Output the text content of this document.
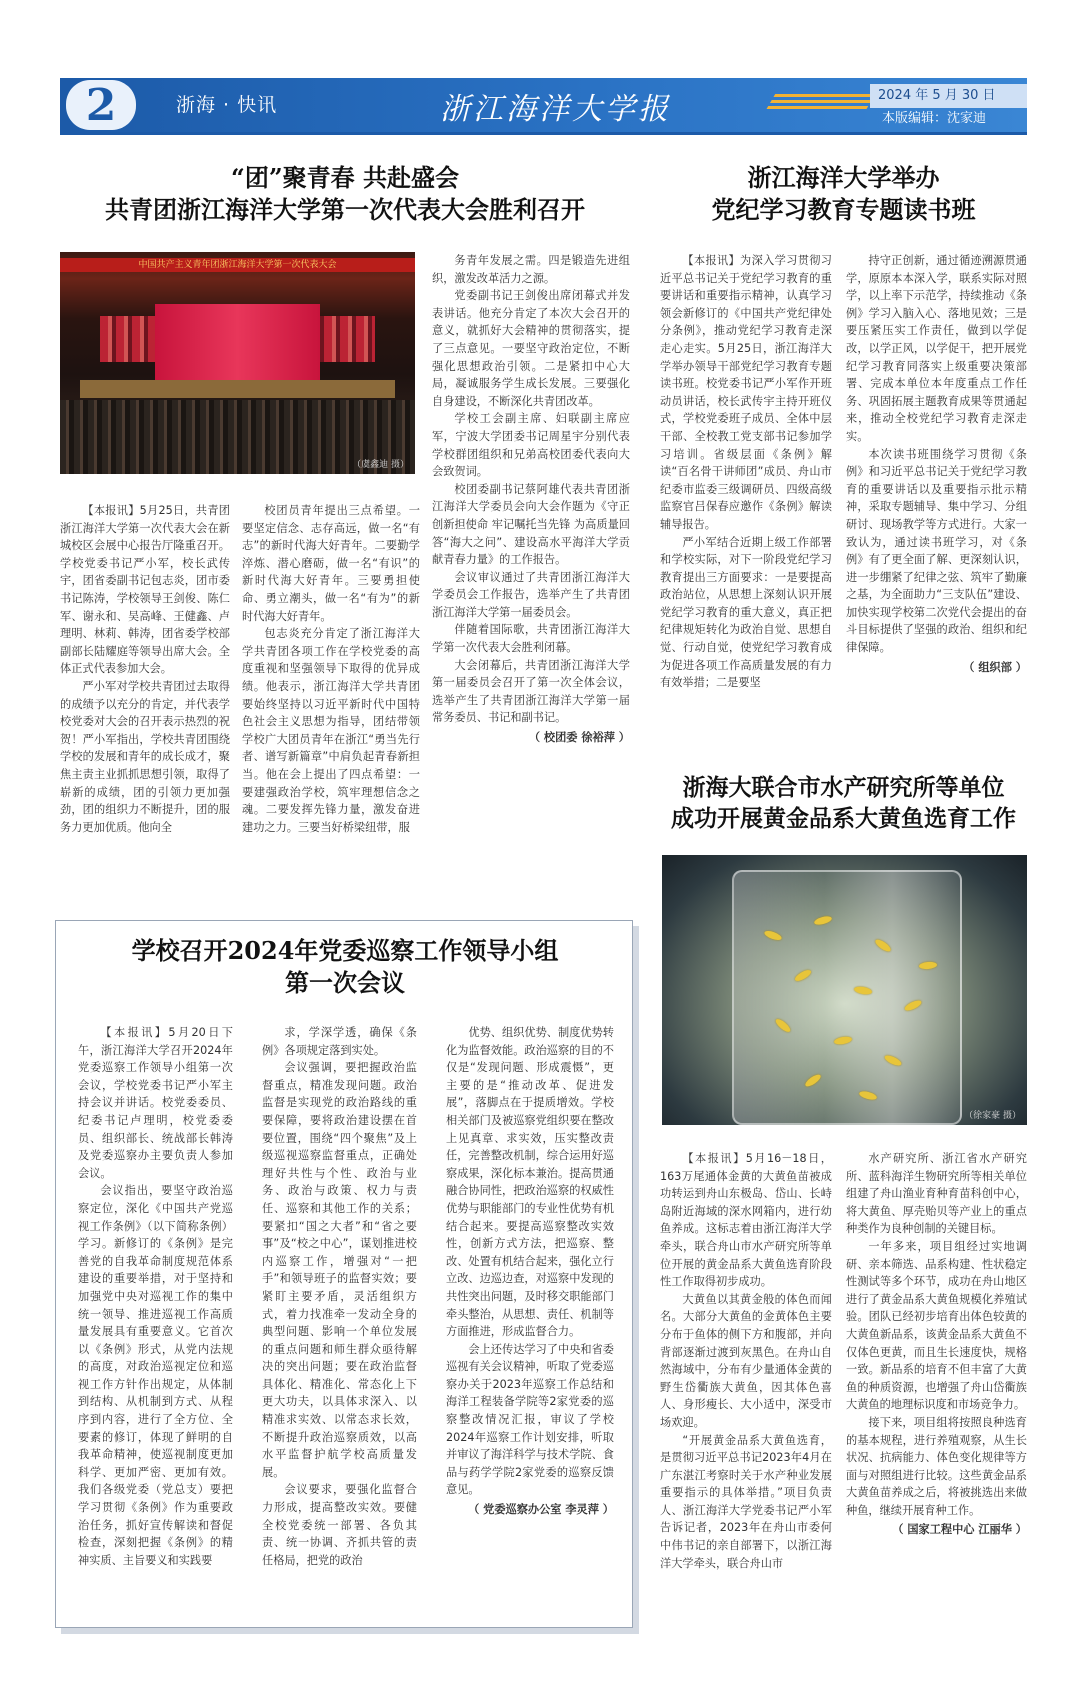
2	浙海 · 快讯	浙江海洋大学报	2024 年 5 月 30 日
本版编辑：沈家迪
“团”聚青春 共赴盛会
共青团浙江海洋大学第一次代表大会胜利召开
中国共产主义青年团浙江海洋大学第一次代表大会
（虞鑫迪 摄）

【本报讯】5月25日，共青团浙江海洋大学第一次代表大会在新城校区会展中心报告厅隆重召开。学校党委书记严小军，校长武传宇，团省委副书记包志炎，团市委书记陈涛，学校领导王剑俊、陈仁军、谢永和、吴高峰、王健鑫、卢理明、林莉、韩涛，团省委学校部副部长陆耀庭等领导出席大会。全体正式代表参加大会。

严小军对学校共青团过去取得的成绩予以充分的肯定，并代表学校党委对大会的召开表示热烈的祝贺！严小军指出，学校共青团围绕学校的发展和青年的成长成才，聚焦主责主业抓抓思想引领，取得了崭新的成绩，团的引领力更加强劲，团的组织力不断提升，团的服务力更加优质。他向全

校团员青年提出三点希望。一要坚定信念、志存高远，做一名“有志”的新时代海大好青年。二要勤学淬炼、潜心磨砺，做一名“有识”的新时代海大好青年。三要勇担使命、勇立潮头，做一名“有为”的新时代海大好青年。

包志炎充分肯定了浙江海洋大学共青团各项工作在学校党委的高度重视和坚强领导下取得的优异成绩。他表示，浙江海洋大学共青团要始终坚持以习近平新时代中国特色社会主义思想为指导，团结带领学校广大团员青年在浙江“勇当先行者、谱写新篇章”中肩负起青春新担当。他在会上提出了四点希望：一要建强政治学校，筑牢理想信念之魂。二要发挥先锋力量，激发奋进建功之力。三要当好桥梁纽带，服

务青年发展之需。四是锻造先进组织，激发改革活力之源。

党委副书记王剑俊出席闭幕式并发表讲话。他充分肯定了本次大会召开的意义，就抓好大会精神的贯彻落实，提了三点意见。一要坚守政治定位，不断强化思想政治引领。二是紧扣中心大局，凝诚服务学生成长发展。三要强化自身建设，不断深化共青团改革。

学校工会副主席、妇联副主席应军，宁波大学团委书记周星宇分别代表学校群团组织和兄弟高校团委代表向大会致贺词。

校团委副书记蔡阿雄代表共青团浙江海洋大学委员会向大会作题为《守正创新担使命 牢记嘱托当先锋 为高质量回答“海大之问”、建设高水平海洋大学贡献青春力量》的工作报告。

会议审议通过了共青团浙江海洋大学委员会工作报告，选举产生了共青团浙江海洋大学第一届委员会。

伴随着国际歌，共青团浙江海洋大学第一次代表大会胜利闭幕。

大会闭幕后，共青团浙江海洋大学第一届委员会召开了第一次全体会议，选举产生了共青团浙江海洋大学第一届常务委员、书记和副书记。

（ 校团委 徐裕萍 ）

浙江海洋大学举办
党纪学习教育专题读书班

【本报讯】为深入学习贯彻习近平总书记关于党纪学习教育的重要讲话和重要指示精神，认真学习领会新修订的《中国共产党纪律处分条例》，推动党纪学习教育走深走心走实。5月25日，浙江海洋大学举办领导干部党纪学习教育专题读书班。校党委书记严小军作开班动员讲话，校长武传宇主持开班仪式，学校党委班子成员、全体中层干部、全校教工党支部书记参加学习培训。省级层面《条例》解读“百名骨干讲师团”成员、舟山市纪委市监委三级调研员、四级高级监察官吕保春应邀作《条例》解读辅导报告。

严小军结合近期上级工作部署和学校实际，对下一阶段党纪学习教育提出三方面要求：一是要提高政治站位，从思想上深刻认识开展党纪学习教育的重大意义，真正把纪律规矩转化为政治自觉、思想自觉、行动自觉，使党纪学习教育成为促进各项工作高质量发展的有力有效举措；二是要坚

持守正创新，通过循迹溯源贯通学，原原本本深入学，联系实际对照学，以上率下示范学，持续推动《条例》学习入脑入心、落地见效；三是要压紧压实工作责任，做到以学促改，以学正风，以学促干，把开展党纪学习教育同落实上级重要决策部署、完成本单位本年度重点工作任务、巩固拓展主题教育成果等贯通起来，推动全校党纪学习教育走深走实。

本次读书班围绕学习贯彻《条例》和习近平总书记关于党纪学习教育的重要讲话以及重要指示批示精神，采取专题辅导、集中学习、分组研讨、现场教学等方式进行。大家一致认为，通过读书班学习，对《条例》有了更全面了解、更深刻认识，进一步绷紧了纪律之弦、筑牢了勤廉之基，为全面助力“三支队伍”建设、加快实现学校第二次党代会提出的奋斗目标提供了坚强的政治、组织和纪律保障。

（ 组织部 ）

学校召开2024年党委巡察工作领导小组
第一次会议

【本报讯】5月20日下午，浙江海洋大学召开2024年党委巡察工作领导小组第一次会议，学校党委书记严小军主持会议并讲话。校党委委员、纪委书记卢理明，校党委委员、组织部长、统战部长韩涛及党委巡察办主要负责人参加会议。

会议指出，要坚守政治巡察定位，深化《中国共产党巡视工作条例》（以下简称条例）学习。新修订的《条例》是完善党的自我革命制度规范体系建设的重要举措，对于坚持和加强党中央对巡视工作的集中统一领导、推进巡视工作高质量发展具有重要意义。它首次以《条例》形式，从党内法规的高度，对政治巡视定位和巡视工作方针作出规定，从体制到结构、从机制到方式、从程序到内容，进行了全方位、全要素的修订，体现了鲜明的自我革命精神，使巡视制度更加科学、更加严密、更加有效。我们各级党委（党总支）要把学习贯彻《条例》作为重要政治任务，抓好宣传解读和督促检查，深刻把握《条例》的精神实质、主旨要义和实践要

求，学深学透，确保《条例》各项规定落到实处。

会议强调，要把握政治监督重点，精准发现问题。政治监督是实现党的政治路线的重要保障，要将政治建设摆在首要位置，围绕“四个聚焦”及上级巡视巡察监督重点，正确处理好共性与个性、政治与业务、政治与政策、权力与责任、巡察和其他工作的关系；要紧扣“国之大者”和“省之要事”及“校之中心”，谋划推进校内巡察工作，增强对“一把手”和领导班子的监督实效；要紧盯主要矛盾，灵活组织方式，着力找准牵一发动全身的典型问题、影响一个单位发展的重点问题和师生群众亟待解决的突出问题；要在政治监督具体化、精准化、常态化上下更大功夫，以具体求深入、以精准求实效、以常态求长效，不断提升政治巡察质效，以高水平监督护航学校高质量发展。

会议要求，要强化监督合力形成，提高整改实效。要健全校党委统一部署、各负其责、统一协调、齐抓共管的责任格局，把党的政治

优势、组织优势、制度优势转化为监督效能。政治巡察的目的不仅是“发现问题、形成震慑”，更主要的是“推动改革、促进发展”，落脚点在于提质增效。学校相关部门及被巡察党组织要在整改上见真章、求实效，压实整改责任，完善整改机制，综合运用好巡察成果，深化标本兼治。提高贯通融合协同性，把政治巡察的权威性优势与职能部门的专业性优势有机结合起来。要提高巡察整改实效性，创新方式方法，把巡察、整改、处置有机结合起来，强化立行立改、边巡边查，对巡察中发现的共性突出问题，及时移交职能部门牵头整治，从思想、责任、机制等方面推进，形成监督合力。

会上还传达学习了中央和省委巡视有关会议精神，听取了党委巡察办关于2023年巡察工作总结和海洋工程装备学院等2家党委的巡察整改情况汇报，审议了学校2024年巡察工作计划安排，听取并审议了海洋科学与技术学院、食品与药学学院2家党委的巡察反馈意见。

（ 党委巡察办公室 李灵萍 ）

浙海大联合市水产研究所等单位
成功开展黄金品系大黄鱼选育工作
（徐家豪 摄）

【本报讯】5月16－18日，163万尾通体金黄的大黄鱼苗被成功转运到舟山东极岛、岱山、长峙岛附近海域的深水网箱内，进行幼鱼养成。这标志着由浙江海洋大学牵头，联合舟山市水产研究所等单位开展的黄金品系大黄鱼选育阶段性工作取得初步成功。

大黄鱼以其黄金般的体色而闻名。大部分大黄鱼的金黄体色主要分布于鱼体的侧下方和腹部，并向背部逐渐过渡到灰黑色。在舟山自然海域中，分布有少量通体金黄的野生岱衢族大黄鱼，因其体色喜人、身形瘦长、大小适中，深受市场欢迎。

“开展黄金品系大黄鱼选育，是贯彻习近平总书记2023年4月在广东湛江考察时关于水产种业发展重要指示的具体举措。”项目负责人、浙江海洋大学党委书记严小军告诉记者，2023年在舟山市委何中伟书记的亲自部署下，以浙江海洋大学牵头，联合舟山市

水产研究所、浙江省水产研究所、蓝科海洋生物研究所等相关单位组建了舟山渔业育种育苗科创中心，将大黄鱼、厚壳贻贝等产业上的重点种类作为良种创制的关键目标。

一年多来，项目组经过实地调研、亲本筛选、品系构建、性状稳定性测试等多个环节，成功在舟山地区进行了黄金品系大黄鱼规模化养殖试验。团队已经初步培育出体色较黄的大黄鱼新品系，该黄金品系大黄鱼不仅体色更黄，而且生长速度快，规格一致。新品系的培育不但丰富了大黄鱼的种质资源，也增强了舟山岱衢族大黄鱼的地理标识度和市场竞争力。

接下来，项目组将按照良种选育的基本规程，进行养殖观察，从生长状况、抗病能力、体色变化规律等方面与对照组进行比较。这些黄金品系大黄鱼苗养成之后，将被挑选出来做种鱼，继续开展育种工作。

（ 国家工程中心 江丽华 ）
